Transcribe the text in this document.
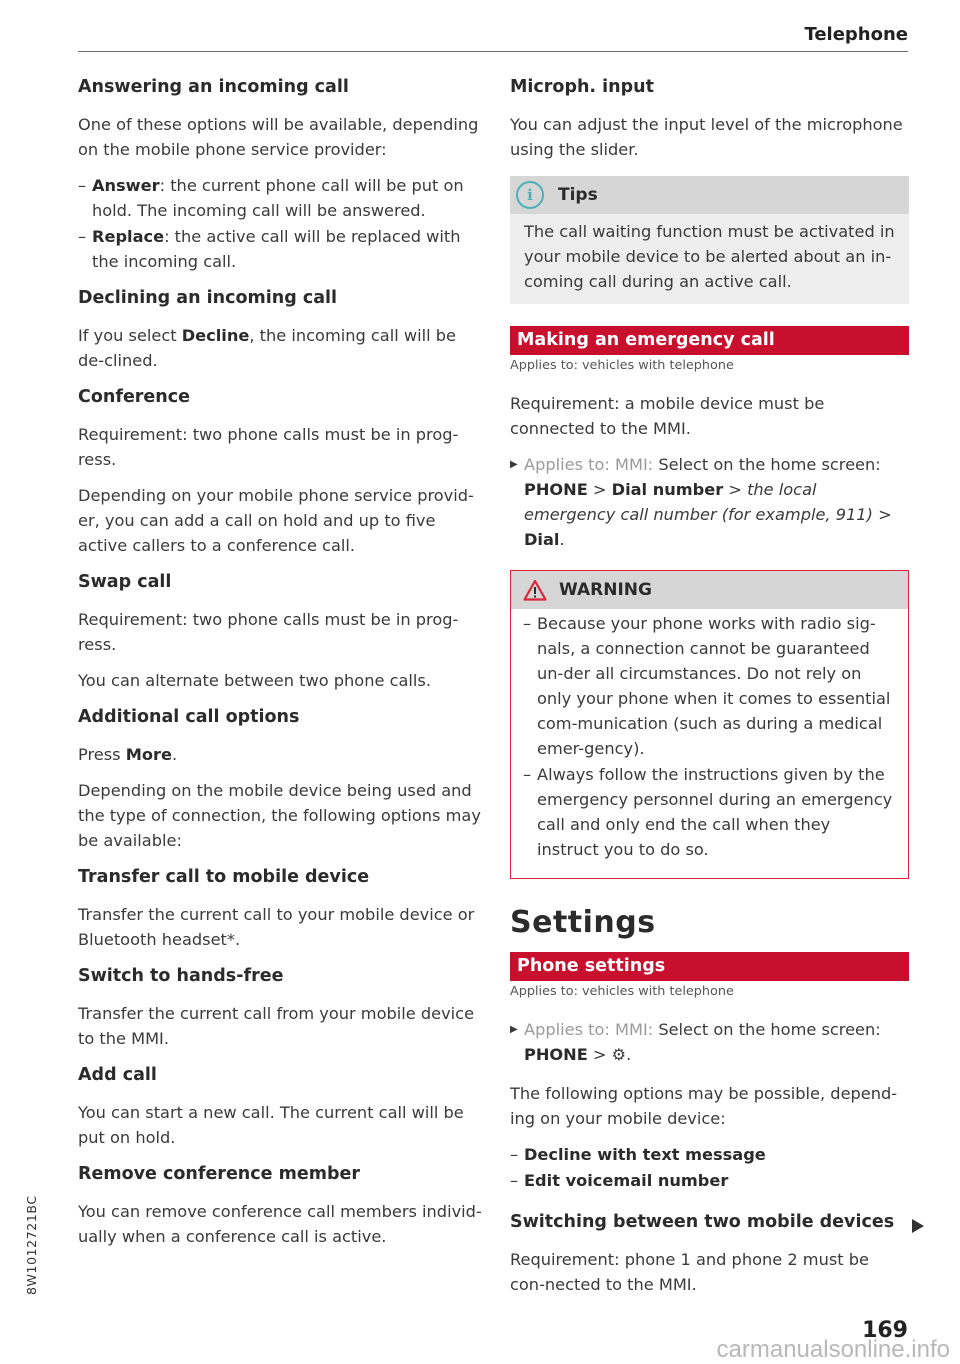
Telephone
Answering an incoming call

One of these options will be available, depending on the mobile phone service provider:

– Answer: the current phone call will be put on hold. The incoming call will be answered.
– Replace: the active call will be replaced with the incoming call.
Declining an incoming call

If you select Decline, the incoming call will be de-clined.

Conference

Requirement: two phone calls must be in prog-ress.

Depending on your mobile phone service provid-er, you can add a call on hold and up to five active callers to a conference call.

Swap call

Requirement: two phone calls must be in prog-ress.

You can alternate between two phone calls.

Additional call options

Press More.

Depending on the mobile device being used and the type of connection, the following options may be available:

Transfer call to mobile device

Transfer the current call to your mobile device or Bluetooth headset*.

Switch to hands-free

Transfer the current call from your mobile device to the MMI.

Add call

You can start a new call. The current call will be put on hold.

Remove conference member

You can remove conference call members individ-ually when a conference call is active.

Microph. input

You can adjust the input level of the microphone using the slider.

i	Tips

The call waiting function must be activated in your mobile device to be alerted about an in-coming call during an active call.

Making an emergency call
Applies to: vehicles with telephone

Requirement: a mobile device must be connected to the MMI.

▶ Applies to: MMI: Select on the home screen:
PHONE > Dial number > the local emergency call number (for example, 911) > Dial.
WARNING
– Because your phone works with radio sig-nals, a connection cannot be guaranteed un-der all circumstances. Do not rely on only your phone when it comes to essential com-munication (such as during a medical emer-gency).
– Always follow the instructions given by the emergency personnel during an emergency call and only end the call when they instruct you to do so.
Settings
Phone settings
Applies to: vehicles with telephone
▶ Applies to: MMI: Select on the home screen:
PHONE > ⚙.

The following options may be possible, depend-ing on your mobile device:

– Decline with text message
– Edit voicemail number
Switching between two mobile devices

Requirement: phone 1 and phone 2 must be con-nected to the MMI.

8W1012721BC
169
carmanualsonline.info
